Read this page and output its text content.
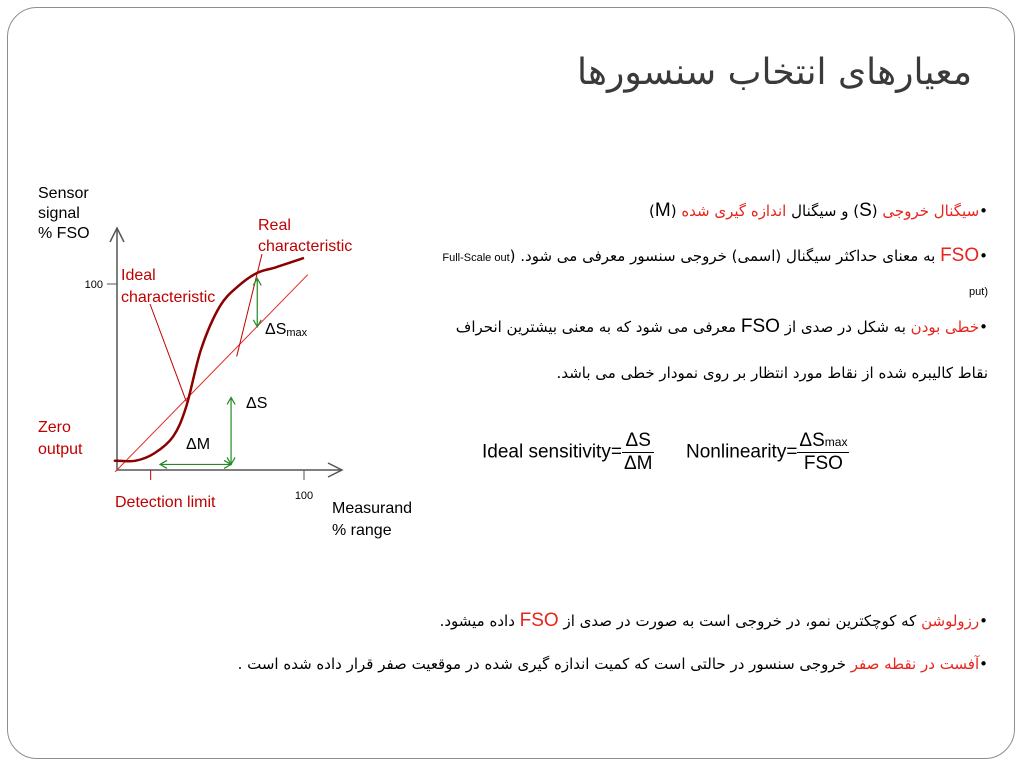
معیارهای انتخاب سنسورها
100
100
Sensor
signal
% FSO
Measurand
% range
Real
characteristic
Ideal
characteristic
Zero
output
Detection limit
ΔM
ΔS
ΔSmax
•سیگنال خروجی (S) و سیگنال اندازه گیری شده (M)
•FSO به معنای حداکثر سیگنال (اسمی) خروجی سنسور معرفی می شود. (Full-Scale out
put)
•خطی بودن به شکل در صدی از FSO معرفی می شود که به معنی بیشترین انحراف
نقاط کالیبره شده از نقاط مورد انتظار بر روی نمودار خطی می باشد.
Ideal sensitivity= $\frac{\Delta S}{\Delta M}$ Nonlinearity= $\frac{\Delta Smax}{\text{FSO}}$
•رزولوشن که کوچکترین نمو، در خروجی است به صورت در صدی از FSO داده میشود.
•آفست در نقطه صفر خروجی سنسور در حالتی است که کمیت اندازه گیری شده در موقعیت صفر قرار داده شده است .
